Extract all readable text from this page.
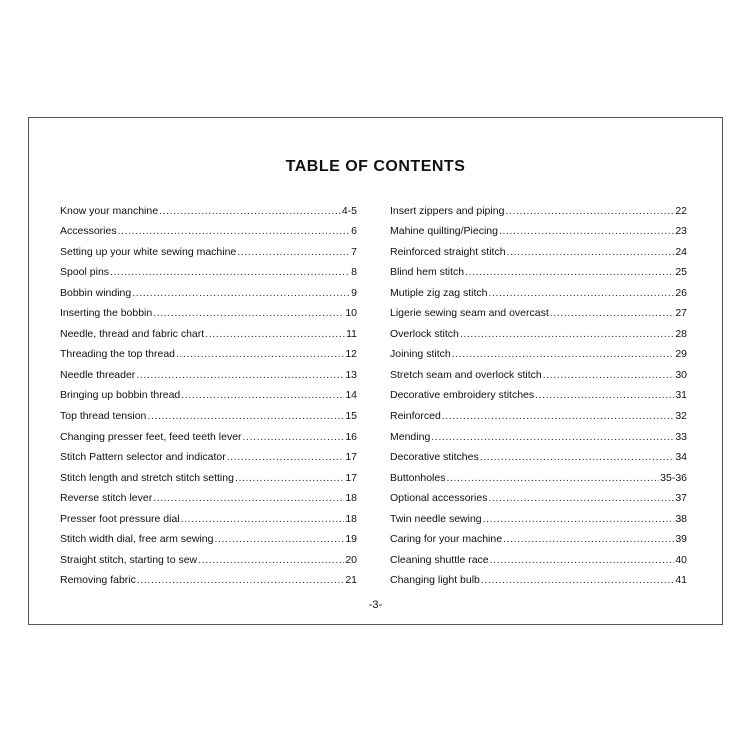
TABLE OF CONTENTS
Know your manchine .....	4-5
Accessories .....	6
Setting up your white sewing machine .....	7
Spool pins .....	8
Bobbin winding .....	9
Inserting the bobbin .....	10
Needle, thread and fabric chart .....	11
Threading the top thread .....	12
Needle threader .....	13
Bringing up bobbin thread .....	14
Top thread tension .....	15
Changing presser feet, feed teeth lever .....	16
Stitch Pattern selector and indicator .....	17
Stitch length and stretch stitch setting .....	17
Reverse stitch lever .....	18
Presser foot pressure dial .....	18
Stitch width dial, free arm sewing .....	19
Straight stitch, starting to sew .....	20
Removing fabric .....	21
Insert zippers and piping .....	22
Mahine quilting/Piecing .....	23
Reinforced straight stitch .....	24
Blind hem stitch .....	25
Mutiple zig zag stitch .....	26
Ligerie sewing seam and overcast .....	27
Overlock stitch .....	28
Joining stitch .....	29
Stretch seam and overlock stitch .....	30
Decorative embroidery stitches .....	31
Reinforced .....	32
Mending .....	33
Decorative stitches .....	34
Buttonholes .....	35-36
Optional accessories .....	37
Twin needle sewing .....	38
Caring for your machine .....	39
Cleaning shuttle race .....	40
Changing light bulb .....	41
-3-
